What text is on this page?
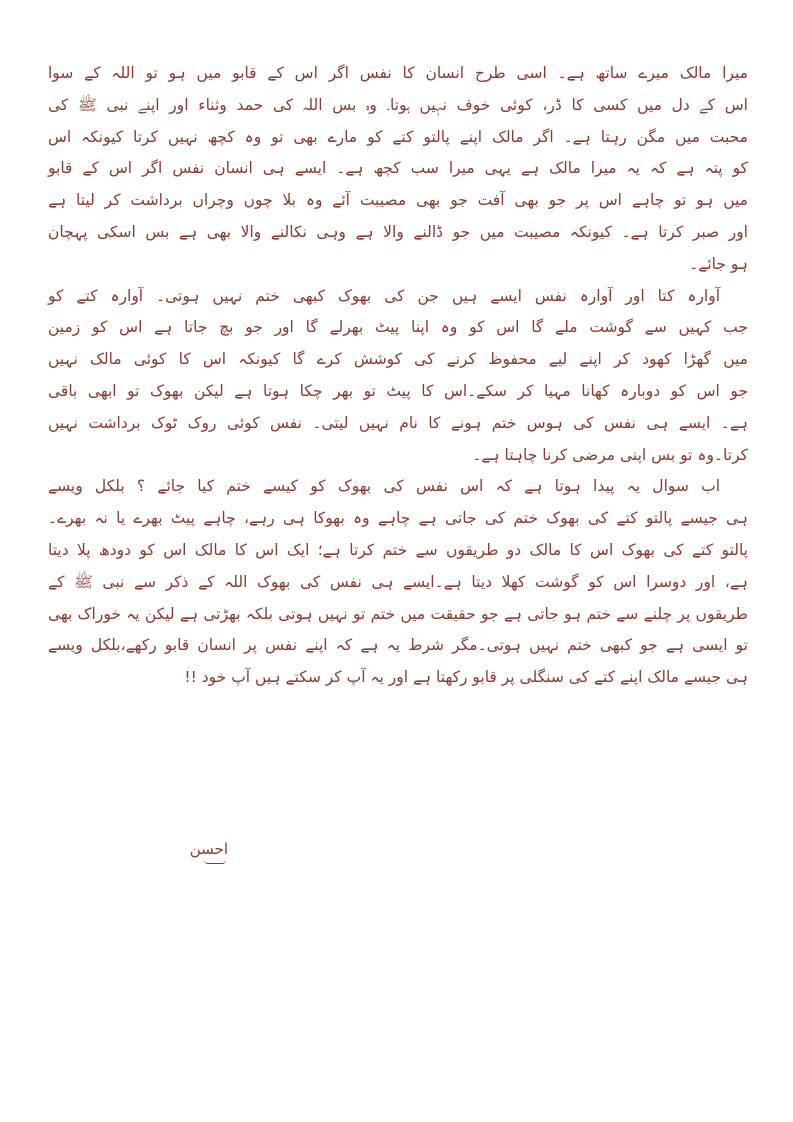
میرا مالک میرے ساتھ ہے۔ اسی طرح انسان کا نفس اگر اس کے قابو میں ہو تو اللہ کے سوا
اس کے دل میں کسی کا ڈر، کوئی خوف نہیں ہوتا۔ وہ بس اللہ کی حمد وثناء اور اپنے نبی ﷺ کی
محبت میں مگن رہتا ہے۔ اگر مالک اپنے پالتو کتے کو مارے بھی تو وہ کچھ نہیں کرتا کیونکہ اس
کو پتہ ہے کہ یہ میرا مالک ہے یہی میرا سب کچھ ہے۔ ایسے ہی انسان نفس اگر اس کے قابو
میں ہو تو چاہے اس پر جو بھی آفت جو بھی مصیبت آئے وہ بلا چوں وچراں برداشت کر لیتا ہے
اور صبر کرتا ہے۔ کیونکہ مصیبت میں جو ڈالنے والا ہے وہی نکالنے والا بھی ہے بس اسکی پہچان
ہو جائے۔
آوارہ کتا اور آوارہ نفس ایسے ہیں جن کی بھوک کبھی ختم نہیں ہوتی۔ آوارہ کتے کو
جب کہیں سے گوشت ملے گا اس کو وہ اپنا پیٹ بھرلے گا اور جو بچ جاتا ہے اس کو زمین
میں گھڑا کھود کر اپنے لیے محفوظ کرنے کی کوشش کرے گا کیونکہ اس کا کوئی مالک نہیں
جو اس کو دوبارہ کھانا مہیا کر سکے۔اس کا پیٹ تو بھر چکا ہوتا ہے لیکن بھوک تو ابھی باقی
ہے۔ ایسے ہی نفس کی ہوس ختم ہونے کا نام نہیں لیتی۔ نفس کوئی روک ٹوک برداشت نہیں
کرتا۔وہ تو بس اپنی مرضی کرنا چاہتا ہے۔
اب سوال یہ پیدا ہوتا ہے کہ اس نفس کی بھوک کو کیسے ختم کیا جائے ؟ بلکل ویسے
ہی جیسے پالتو کتے کی بھوک ختم کی جاتی ہے چاہے وہ بھوکا ہی رہے، چاہے پیٹ بھرے یا نہ بھرے۔
پالتو کتے کی بھوک اس کا مالک دو طریقوں سے ختم کرتا ہے؛ ایک اس کا مالک اس کو دودھ پلا دیتا
ہے، اور دوسرا اس کو گوشت کھلا دیتا ہے۔ایسے ہی نفس کی بھوک اللہ کے ذکر سے نبی ﷺ کے
طریقوں پر چلنے سے ختم ہو جاتی ہے جو حقیقت میں ختم تو نہیں ہوتی بلکہ بھڑتی ہے لیکن یہ خوراک بھی
تو ایسی ہے جو کبھی ختم نہیں ہوتی۔مگر شرط یہ ہے کہ اپنے نفس پر انسان قابو رکھے،بلکل ویسے
ہی جیسے مالک اپنے کتے کی سنگلی پر قابو رکھتا ہے اور یہ آپ کر سکتے ہیں آپ خود !!
احسن
